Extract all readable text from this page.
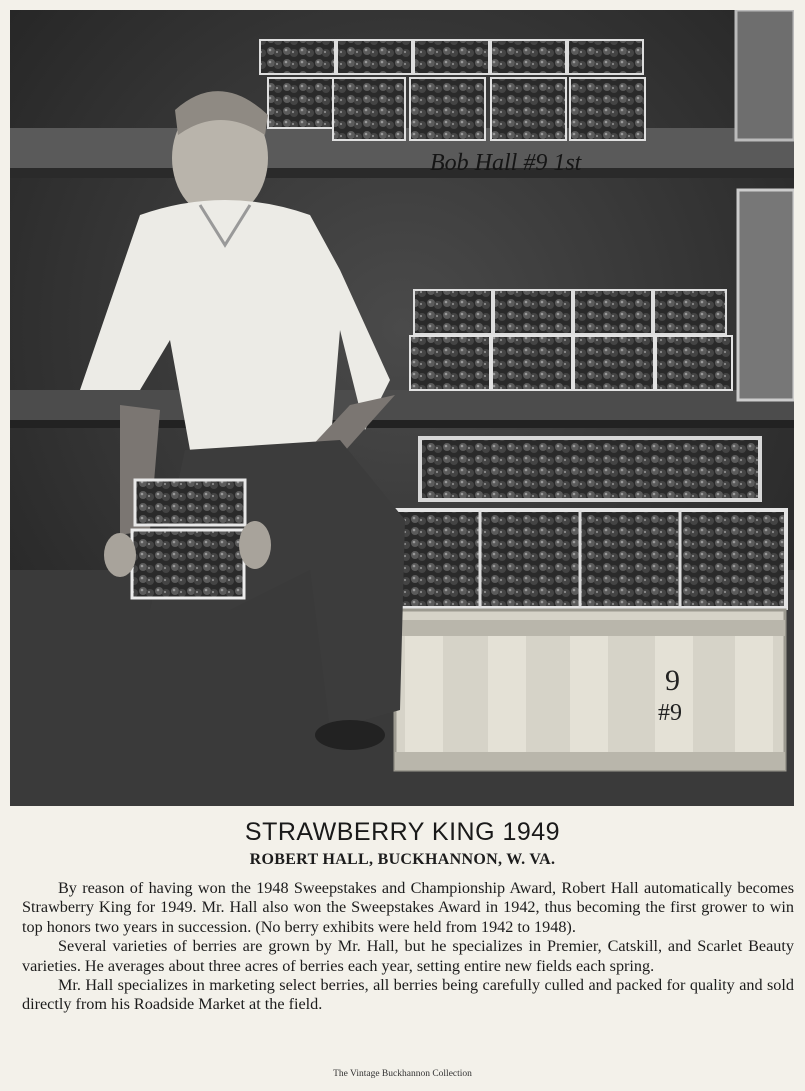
Bob Hall #9 1st
9
#9
STRAWBERRY KING 1949
ROBERT HALL, BUCKHANNON, W. VA.

By reason of having won the 1948 Sweepstakes and Championship Award, Robert Hall automatically becomes Strawberry King for 1949. Mr. Hall also won the Sweepstakes Award in 1942, thus becoming the first grower to win top honors two years in succession. (No berry exhibits were held from 1942 to 1948).

Several varieties of berries are grown by Mr. Hall, but he specializes in Premier, Catskill, and Scarlet Beauty varieties. He averages about three acres of berries each year, setting entire new fields each spring.

Mr. Hall specializes in marketing select berries, all berries being carefully culled and packed for quality and sold directly from his Roadside Market at the field.

The Vintage Buckhannon Collection
